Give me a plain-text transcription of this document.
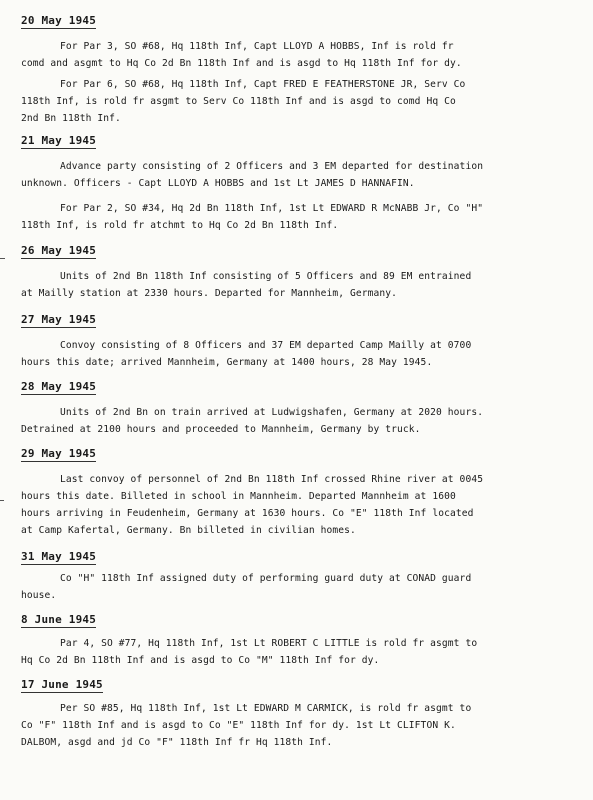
20 May 1945
For Par 3, SO #68, Hq 118th Inf, Capt LLOYD A HOBBS, Inf is rold fr
comd and asgmt to Hq Co 2d Bn 118th Inf and is asgd to Hq 118th Inf for dy.
For Par 6, SO #68, Hq 118th Inf, Capt FRED E FEATHERSTONE JR, Serv Co
118th Inf, is rold fr asgmt to Serv Co 118th Inf and is asgd to comd Hq Co
2nd Bn 118th Inf.
21 May 1945
Advance party consisting of 2 Officers and 3 EM departed for destination
unknown. Officers - Capt LLOYD A HOBBS and 1st Lt JAMES D HANNAFIN.
For Par 2, SO #34, Hq 2d Bn 118th Inf, 1st Lt EDWARD R McNABB Jr, Co "H"
118th Inf, is rold fr atchmt to Hq Co 2d Bn 118th Inf.
26 May 1945
Units of 2nd Bn 118th Inf consisting of 5 Officers and 89 EM entrained
at Mailly station at 2330 hours. Departed for Mannheim, Germany.
27 May 1945
Convoy consisting of 8 Officers and 37 EM departed Camp Mailly at 0700
hours this date; arrived Mannheim, Germany at 1400 hours, 28 May 1945.
28 May 1945
Units of 2nd Bn on train arrived at Ludwigshafen, Germany at 2020 hours.
Detrained at 2100 hours and proceeded to Mannheim, Germany by truck.
29 May 1945
Last convoy of personnel of 2nd Bn 118th Inf crossed Rhine river at 0045
hours this date. Billeted in school in Mannheim. Departed Mannheim at 1600
hours arriving in Feudenheim, Germany at 1630 hours. Co "E" 118th Inf located
at Camp Kafertal, Germany. Bn billeted in civilian homes.
31 May 1945
Co "H" 118th Inf assigned duty of performing guard duty at CONAD guard
house.
8 June 1945
Par 4, SO #77, Hq 118th Inf, 1st Lt ROBERT C LITTLE is rold fr asgmt to
Hq Co 2d Bn 118th Inf and is asgd to Co "M" 118th Inf for dy.
17 June 1945
Per SO #85, Hq 118th Inf, 1st Lt EDWARD M CARMICK, is rold fr asgmt to
Co "F" 118th Inf and is asgd to Co "E" 118th Inf for dy. 1st Lt CLIFTON K.
DALBOM, asgd and jd Co "F" 118th Inf fr Hq 118th Inf.
